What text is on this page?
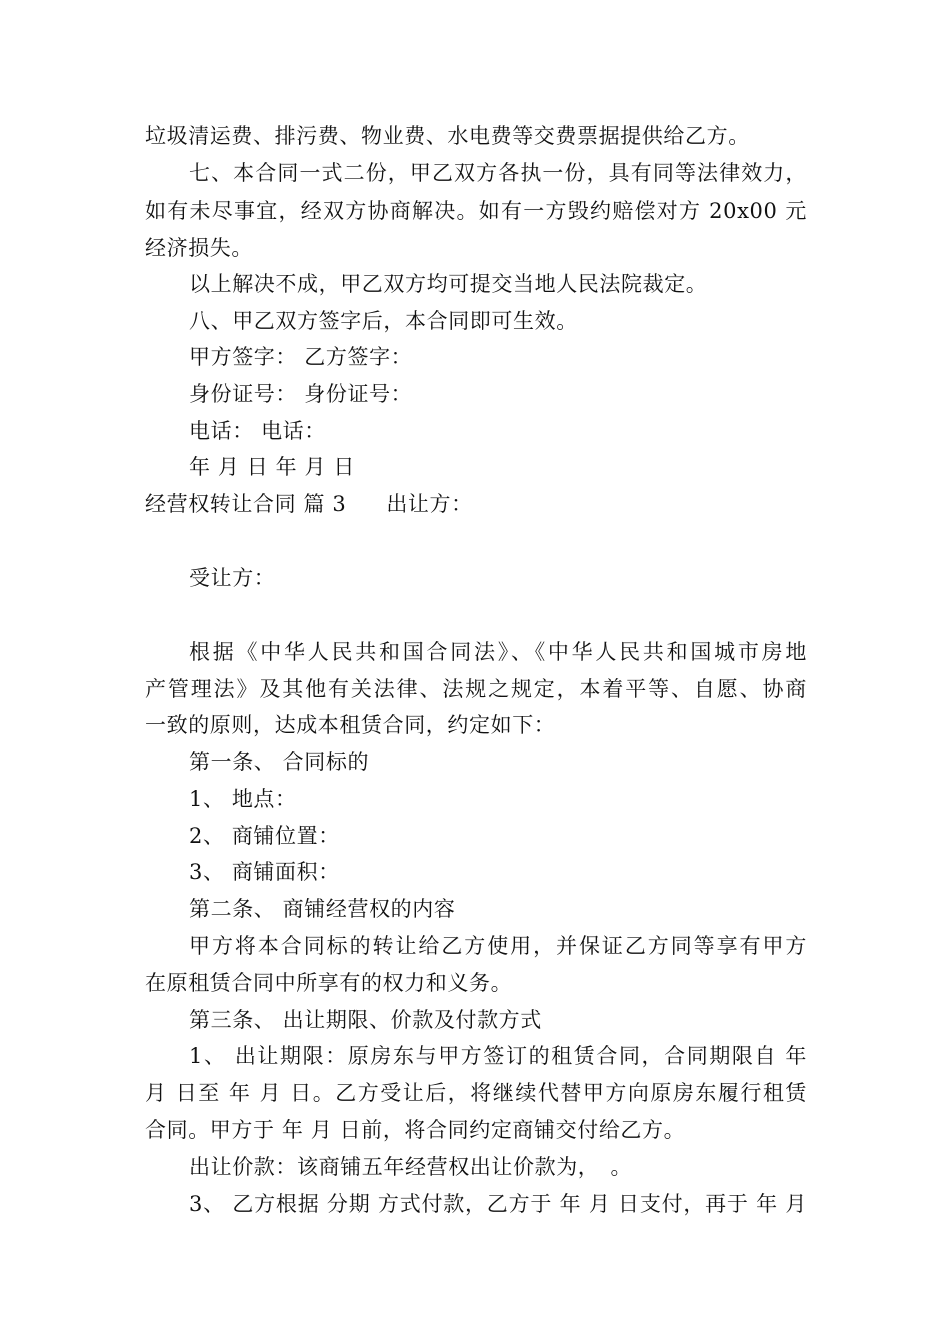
垃圾清运费、排污费、物业费、水电费等交费票据提供给乙方。
七、本合同一式二份，甲乙双方各执一份，具有同等法律效力，
如有未尽事宜，经双方协商解决。如有一方毁约赔偿对方 20x00 元
经济损失。
以上解决不成，甲乙双方均可提交当地人民法院裁定。
八、甲乙双方签字后，本合同即可生效。
甲方签字： 乙方签字：
身份证号： 身份证号：
电话： 电话：
年 月 日 年 月 日
经营权转让合同 篇 3 出让方：
受让方：
根据《中华人民共和国合同法》、《中华人民共和国城市房地
产管理法》及其他有关法律、法规之规定，本着平等、自愿、协商
一致的原则，达成本租赁合同，约定如下：
第一条、 合同标的
1、 地点：
2、 商铺位置：
3、 商铺面积：
第二条、 商铺经营权的内容
甲方将本合同标的转让给乙方使用，并保证乙方同等享有甲方
在原租赁合同中所享有的权力和义务。
第三条、 出让期限、价款及付款方式
1、 出让期限：原房东与甲方签订的租赁合同，合同期限自 年
月 日至 年 月 日。乙方受让后，将继续代替甲方向原房东履行租赁
合同。甲方于 年 月 日前，将合同约定商铺交付给乙方。
出让价款：该商铺五年经营权出让价款为，　。
3、 乙方根据 分期 方式付款，乙方于 年 月 日支付，再于 年 月
